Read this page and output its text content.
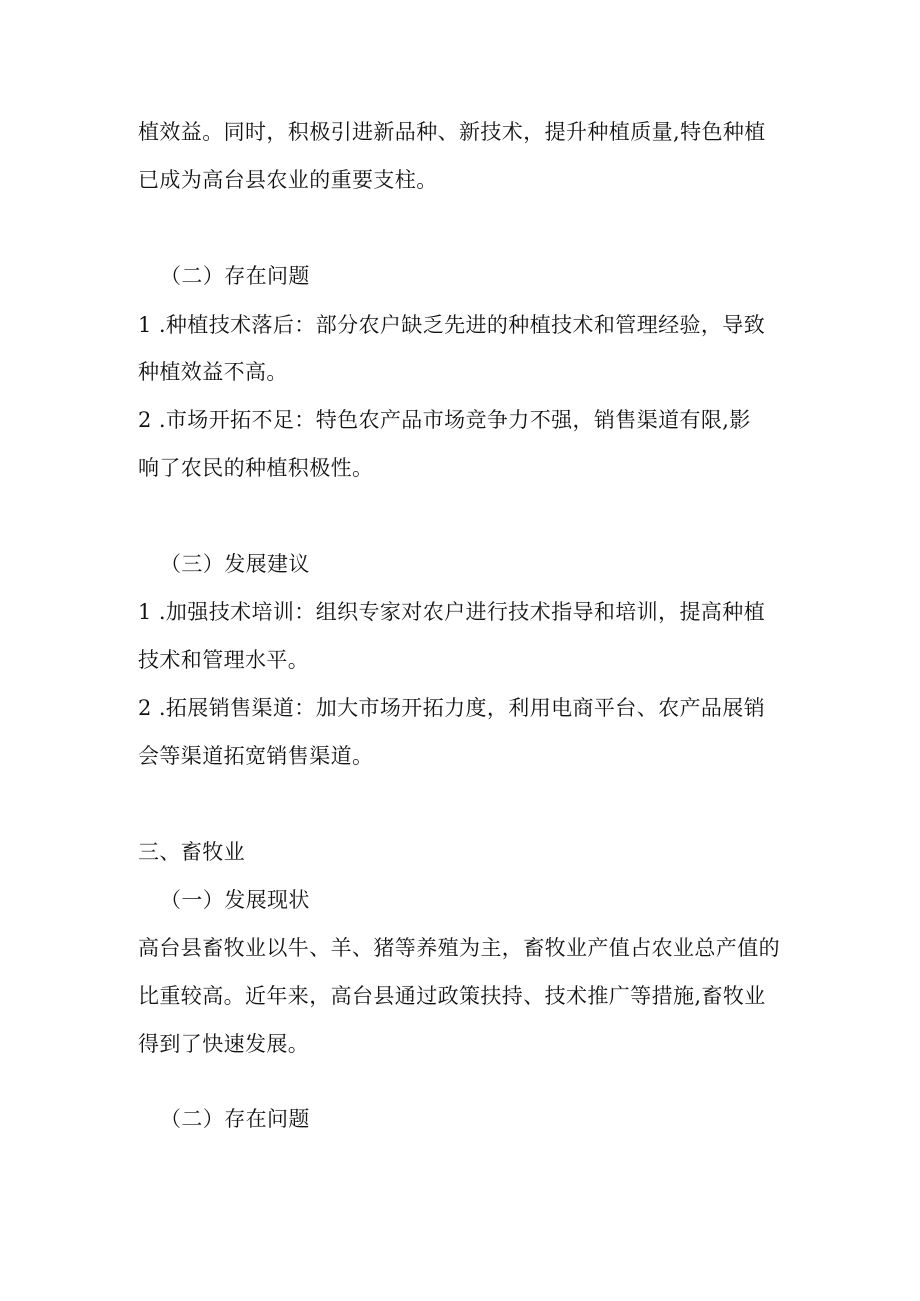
植效益。同时，积极引进新品种、新技术，提升种植质量,特色种植
已成为高台县农业的重要支柱。
（二）存在问题
1 .种植技术落后：部分农户缺乏先进的种植技术和管理经验，导致
种植效益不高。
2 .市场开拓不足：特色农产品市场竞争力不强，销售渠道有限,影
响了农民的种植积极性。
（三）发展建议
1 .加强技术培训：组织专家对农户进行技术指导和培训，提高种植
技术和管理水平。
2 .拓展销售渠道：加大市场开拓力度，利用电商平台、农产品展销
会等渠道拓宽销售渠道。
三、畜牧业
（一）发展现状
高台县畜牧业以牛、羊、猪等养殖为主，畜牧业产值占农业总产值的
比重较高。近年来，高台县通过政策扶持、技术推广等措施,畜牧业
得到了快速发展。
（二）存在问题
